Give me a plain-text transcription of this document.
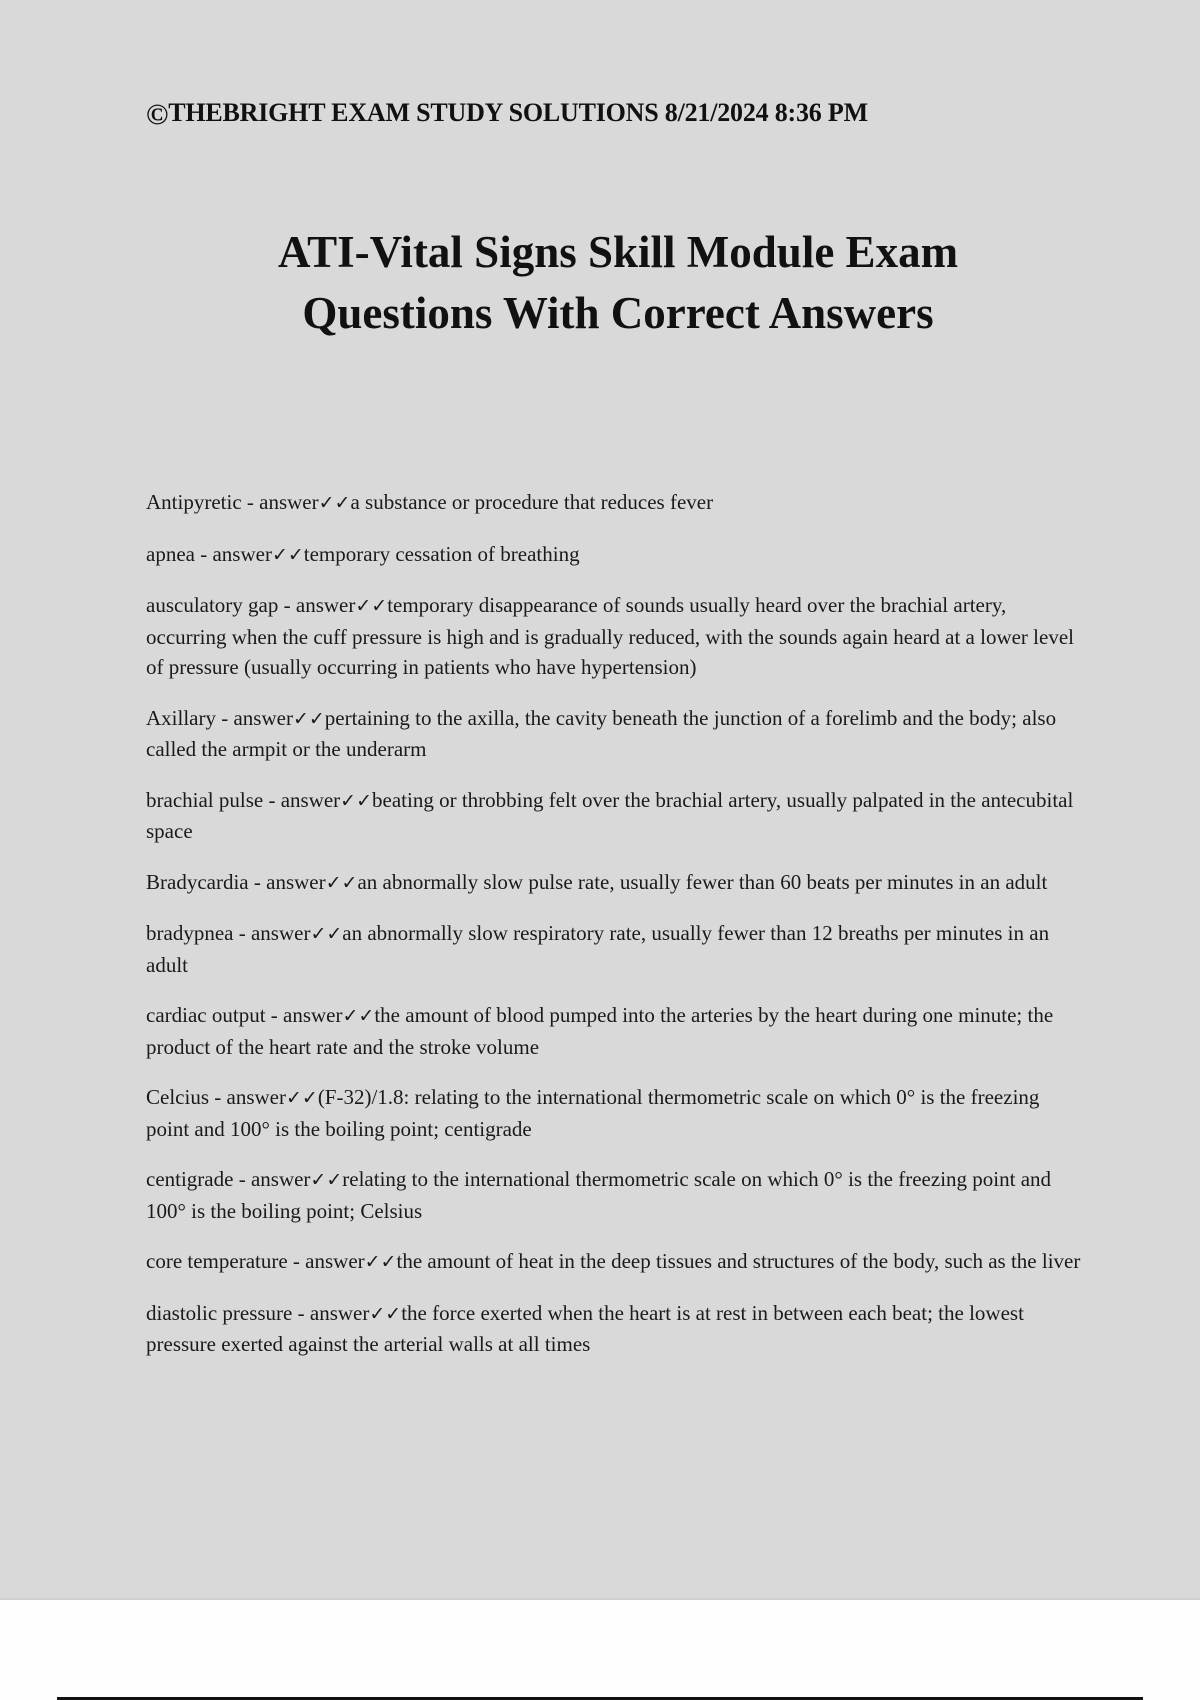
©THEBRIGHT EXAM STUDY SOLUTIONS 8/21/2024 8:36 PM
ATI-Vital Signs Skill Module Exam
Questions With Correct Answers

Antipyretic - answer✓✓a substance or procedure that reduces fever

apnea - answer✓✓temporary cessation of breathing

ausculatory gap - answer✓✓temporary disappearance of sounds usually heard over the brachial artery, occurring when the cuff pressure is high and is gradually reduced, with the sounds again heard at a lower level of pressure (usually occurring in patients who have hypertension)

Axillary - answer✓✓pertaining to the axilla, the cavity beneath the junction of a forelimb and the body; also called the armpit or the underarm

brachial pulse - answer✓✓beating or throbbing felt over the brachial artery, usually palpated in the antecubital space

Bradycardia - answer✓✓an abnormally slow pulse rate, usually fewer than 60 beats per minutes in an adult

bradypnea - answer✓✓an abnormally slow respiratory rate, usually fewer than 12 breaths per minutes in an adult

cardiac output - answer✓✓the amount of blood pumped into the arteries by the heart during one minute; the product of the heart rate and the stroke volume

Celcius - answer✓✓(F-32)/1.8: relating to the international thermometric scale on which 0° is the freezing point and 100° is the boiling point; centigrade

centigrade - answer✓✓relating to the international thermometric scale on which 0° is the freezing point and 100° is the boiling point; Celsius

core temperature - answer✓✓the amount of heat in the deep tissues and structures of the body, such as the liver

diastolic pressure - answer✓✓the force exerted when the heart is at rest in between each beat; the lowest pressure exerted against the arterial walls at all times
